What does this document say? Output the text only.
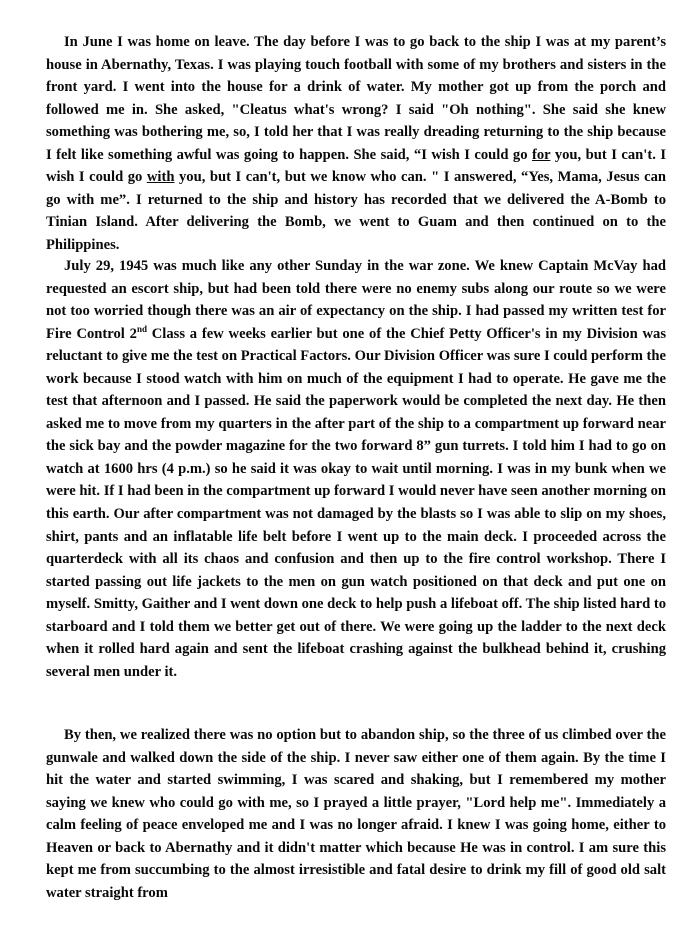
In June I was home on leave. The day before I was to go back to the ship I was at my parent’s house in Abernathy, Texas. I was playing touch football with some of my brothers and sisters in the front yard. I went into the house for a drink of water. My mother got up from the porch and followed me in. She asked, "Cleatus what's wrong? I said "Oh nothing". She said she knew something was bothering me, so, I told her that I was really dreading returning to the ship because I felt like something awful was going to happen. She said, “I wish I could go for you, but I can't. I wish I could go with you, but I can't, but we know who can. " I answered, “Yes, Mama, Jesus can go with me”. I returned to the ship and history has recorded that we delivered the A-Bomb to Tinian Island. After delivering the Bomb, we went to Guam and then continued on to the Philippines.

July 29, 1945 was much like any other Sunday in the war zone. We knew Captain McVay had requested an escort ship, but had been told there were no enemy subs along our route so we were not too worried though there was an air of expectancy on the ship. I had passed my written test for Fire Control 2nd Class a few weeks earlier but one of the Chief Petty Officer's in my Division was reluctant to give me the test on Practical Factors. Our Division Officer was sure I could perform the work because I stood watch with him on much of the equipment I had to operate. He gave me the test that afternoon and I passed. He said the paperwork would be completed the next day. He then asked me to move from my quarters in the after part of the ship to a compartment up forward near the sick bay and the powder magazine for the two forward 8” gun turrets. I told him I had to go on watch at 1600 hrs (4 p.m.) so he said it was okay to wait until morning. I was in my bunk when we were hit. If I had been in the compartment up forward I would never have seen another morning on this earth. Our after compartment was not damaged by the blasts so I was able to slip on my shoes, shirt, pants and an inflatable life belt before I went up to the main deck. I proceeded across the quarterdeck with all its chaos and confusion and then up to the fire control workshop. There I started passing out life jackets to the men on gun watch positioned on that deck and put one on myself. Smitty, Gaither and I went down one deck to help push a lifeboat off. The ship listed hard to starboard and I told them we better get out of there. We were going up the ladder to the next deck when it rolled hard again and sent the lifeboat crashing against the bulkhead behind it, crushing several men under it.

By then, we realized there was no option but to abandon ship, so the three of us climbed over the gunwale and walked down the side of the ship. I never saw either one of them again. By the time I hit the water and started swimming, I was scared and shaking, but I remembered my mother saying we knew who could go with me, so I prayed a little prayer, "Lord help me". Immediately a calm feeling of peace enveloped me and I was no longer afraid. I knew I was going home, either to Heaven or back to Abernathy and it didn't matter which because He was in control. I am sure this kept me from succumbing to the almost irresistible and fatal desire to drink my fill of good old salt water straight from
